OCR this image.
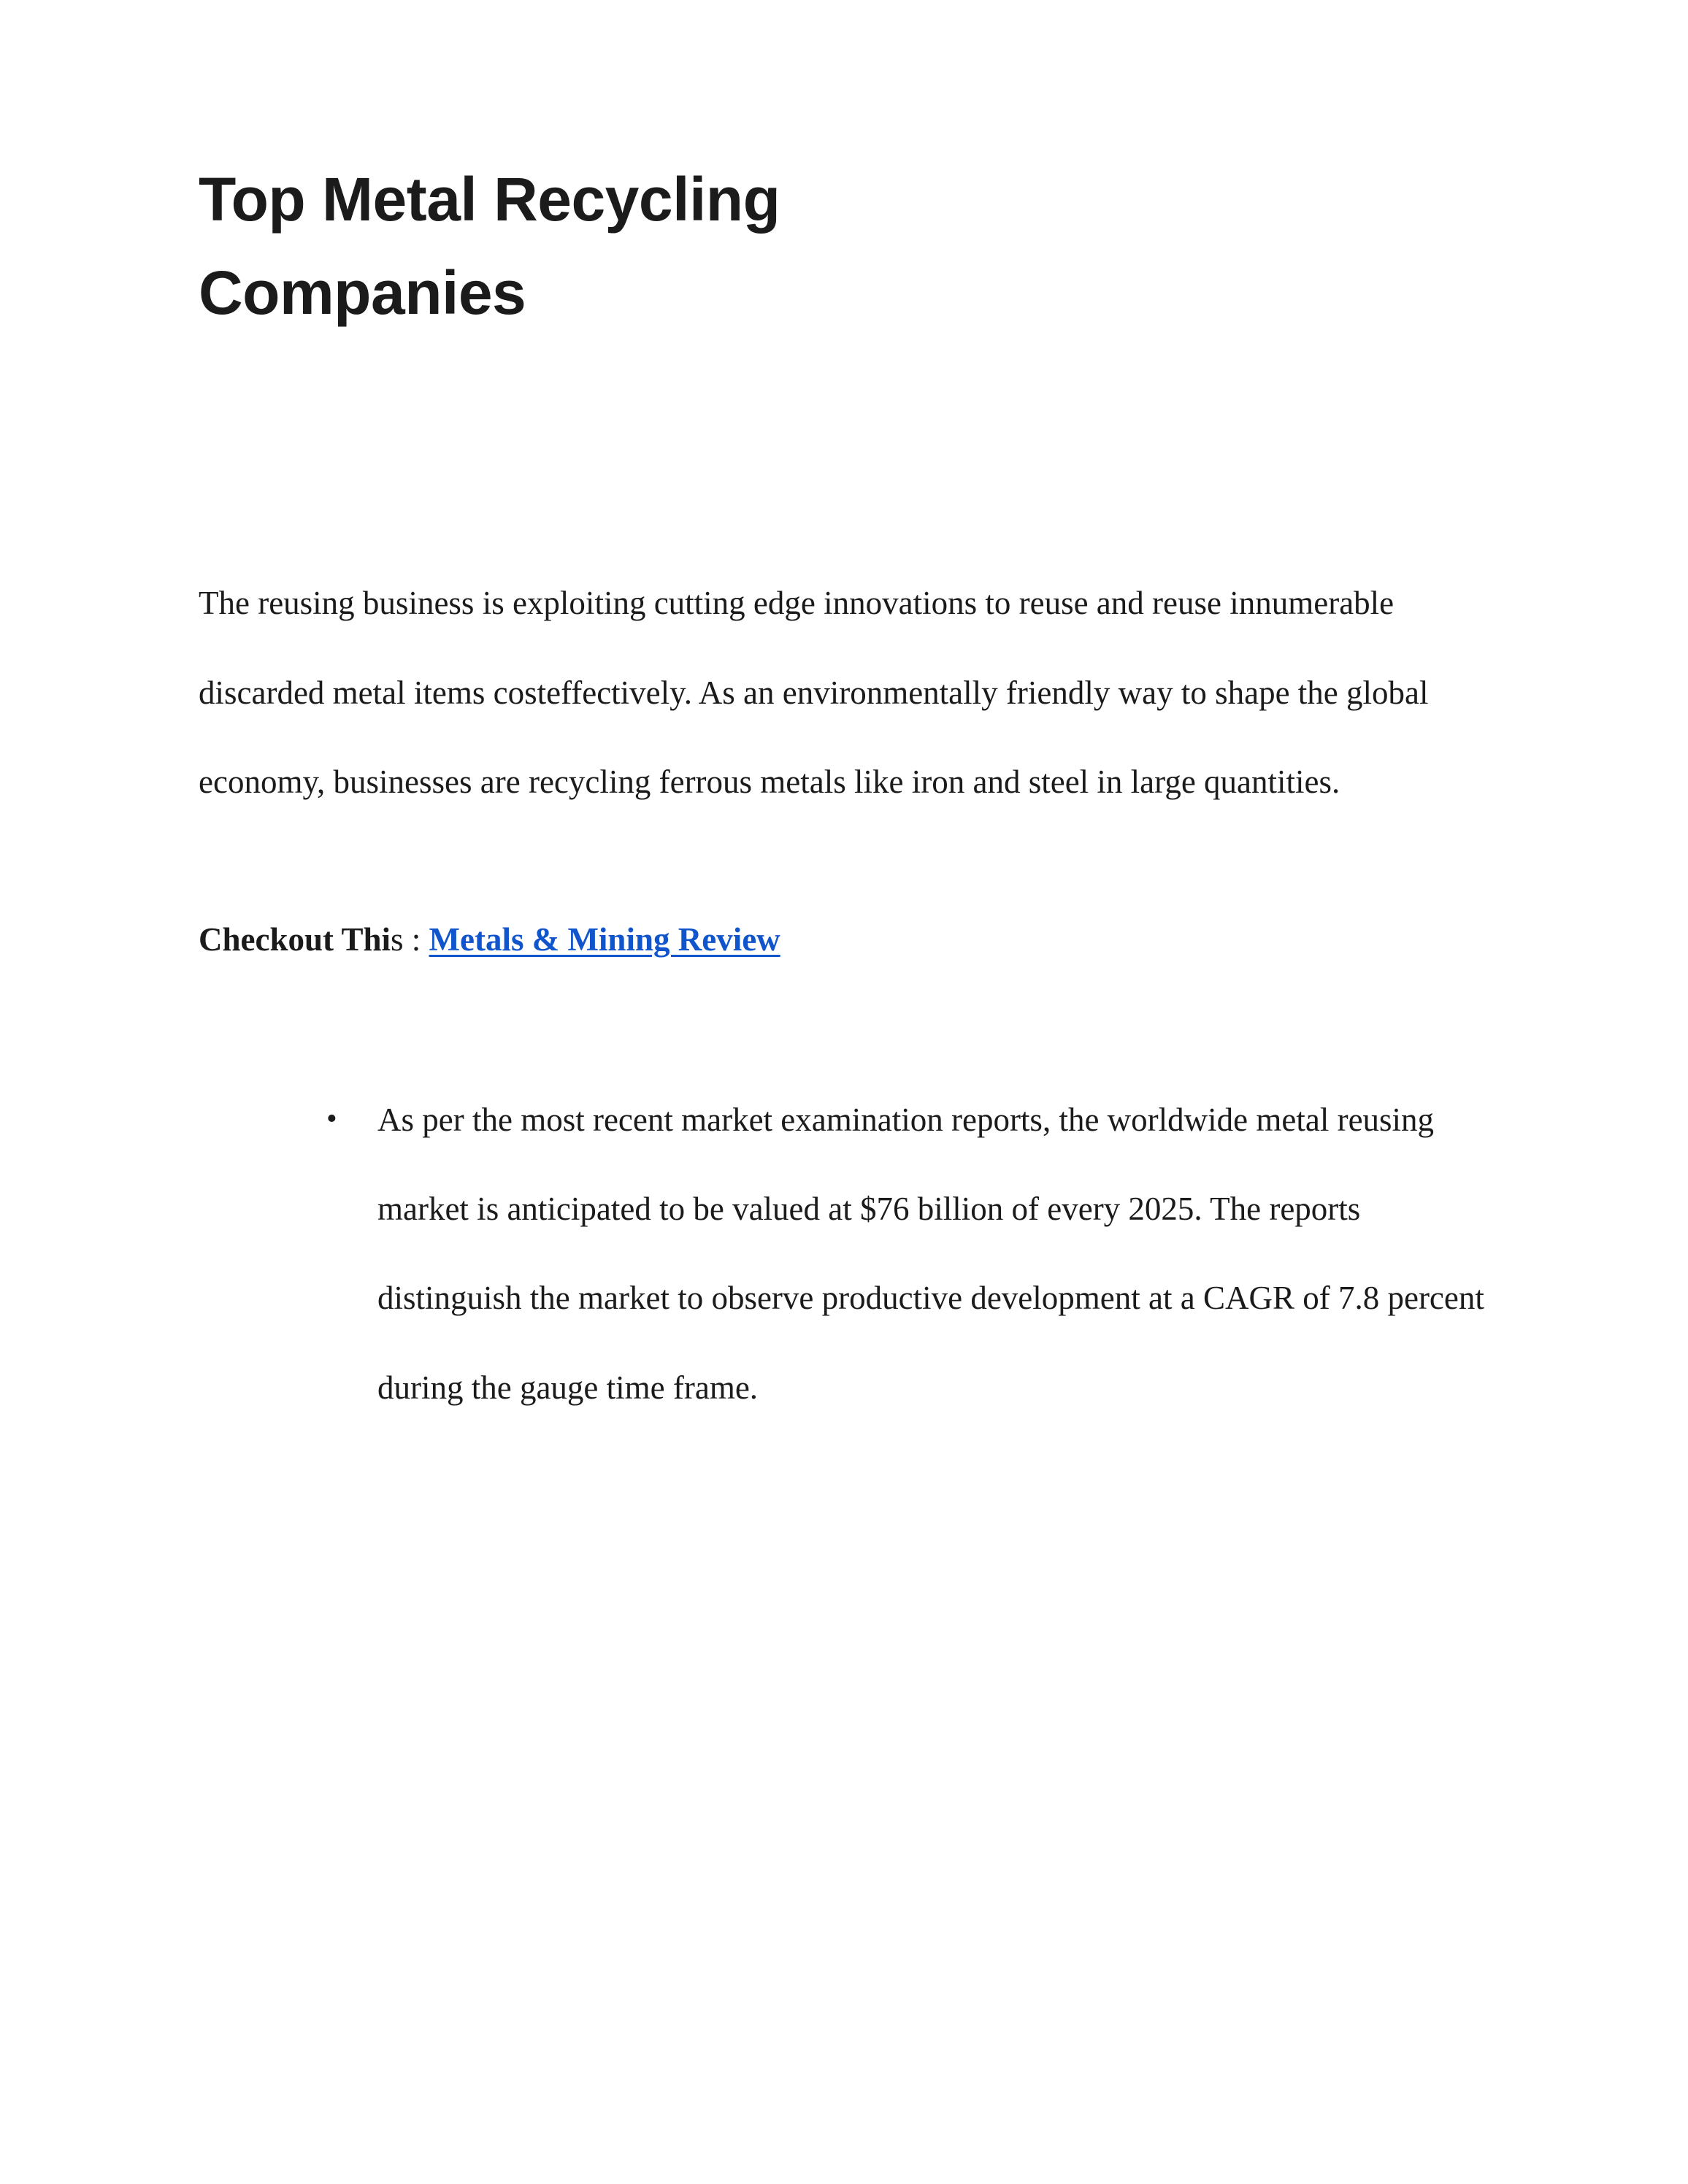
Top Metal Recycling Companies

The reusing business is exploiting cutting edge innovations to reuse and reuse innumerable discarded metal items costeffectively. As an environmentally friendly way to shape the global economy, businesses are recycling ferrous metals like iron and steel in large quantities.

Checkout This : Metals & Mining Review

• As per the most recent market examination reports, the worldwide metal reusing market is anticipated to be valued at $76 billion of every 2025. The reports distinguish the market to observe productive development at a CAGR of 7.8 percent during the gauge time frame.
